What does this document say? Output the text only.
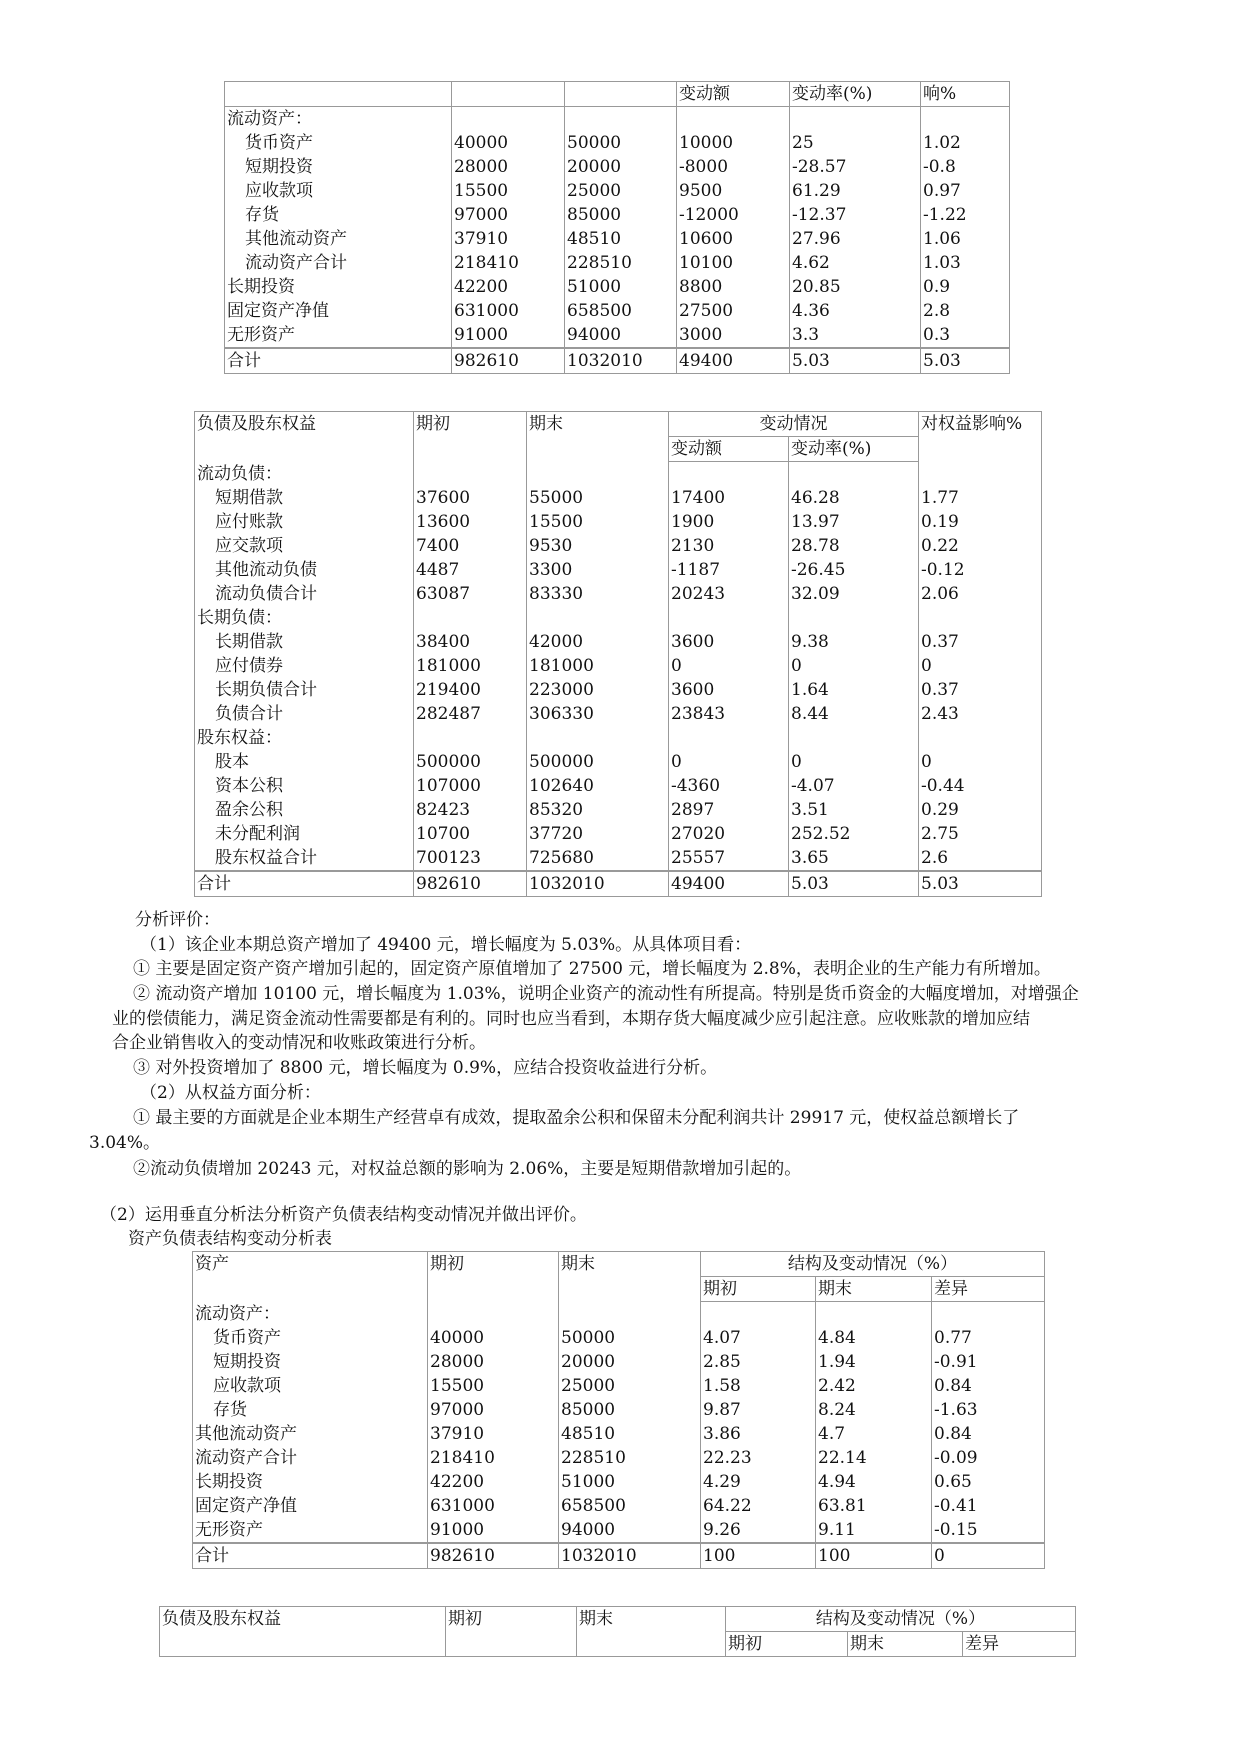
			变动额	变动率(%)	响%
流动资产：					
货币资产	40000	50000	10000	25	1.02
短期投资	28000	20000	-8000	-28.57	-0.8
应收款项	15500	25000	9500	61.29	0.97
存货	97000	85000	-12000	-12.37	-1.22
其他流动资产	37910	48510	10600	27.96	1.06
流动资产合计	218410	228510	10100	4.62	1.03
长期投资	42200	51000	8800	20.85	0.9
固定资产净值	631000	658500	27500	4.36	2.8
无形资产	91000	94000	3000	3.3	0.3
合计	982610	1032010	49400	5.03	5.03
负债及股东权益	期初	期末	变动情况		对权益影响%
			变动额	变动率(%)	
流动负债：					
短期借款	37600	55000	17400	46.28	1.77
应付账款	13600	15500	1900	13.97	0.19
应交款项	7400	9530	2130	28.78	0.22
其他流动负债	4487	3300	-1187	-26.45	-0.12
流动负债合计	63087	83330	20243	32.09	2.06
长期负债：					
长期借款	38400	42000	3600	9.38	0.37
应付债券	181000	181000	0	0	0
长期负债合计	219400	223000	3600	1.64	0.37
负债合计	282487	306330	23843	8.44	2.43
股东权益：					
股本	500000	500000	0	0	0
资本公积	107000	102640	-4360	-4.07	-0.44
盈余公积	82423	85320	2897	3.51	0.29
未分配利润	10700	37720	27020	252.52	2.75
股东权益合计	700123	725680	25557	3.65	2.6
合计	982610	1032010	49400	5.03	5.03
分析评价：
（1）该企业本期总资产增加了 49400 元，增长幅度为 5.03%。从具体项目看：
① 主要是固定资产资产增加引起的，固定资产原值增加了 27500 元，增长幅度为 2.8%，表明企业的生产能力有所增加。
② 流动资产增加 10100 元，增长幅度为 1.03%，说明企业资产的流动性有所提高。特别是货币资金的大幅度增加，对增强企
业的偿债能力，满足资金流动性需要都是有利的。同时也应当看到，本期存货大幅度减少应引起注意。应收账款的增加应结
合企业销售收入的变动情况和收账政策进行分析。
③ 对外投资增加了 8800 元，增长幅度为 0.9%，应结合投资收益进行分析。
（2）从权益方面分析：
① 最主要的方面就是企业本期生产经营卓有成效，提取盈余公积和保留未分配利润共计 29917 元，使权益总额增长了
3.04%。
②流动负债增加 20243 元，对权益总额的影响为 2.06%，主要是短期借款增加引起的。
（2）运用垂直分析法分析资产负债表结构变动情况并做出评价。
资产负债表结构变动分析表
资产	期初	期末	结构及变动情况（%）		
			期初	期末	差异
流动资产：					
货币资产	40000	50000	4.07	4.84	0.77
短期投资	28000	20000	2.85	1.94	-0.91
应收款项	15500	25000	1.58	2.42	0.84
存货	97000	85000	9.87	8.24	-1.63
其他流动资产	37910	48510	3.86	4.7	0.84
流动资产合计	218410	228510	22.23	22.14	-0.09
长期投资	42200	51000	4.29	4.94	0.65
固定资产净值	631000	658500	64.22	63.81	-0.41
无形资产	91000	94000	9.26	9.11	-0.15
合计	982610	1032010	100	100	0
负债及股东权益	期初	期末	结构及变动情况（%）		
			期初	期末	差异
